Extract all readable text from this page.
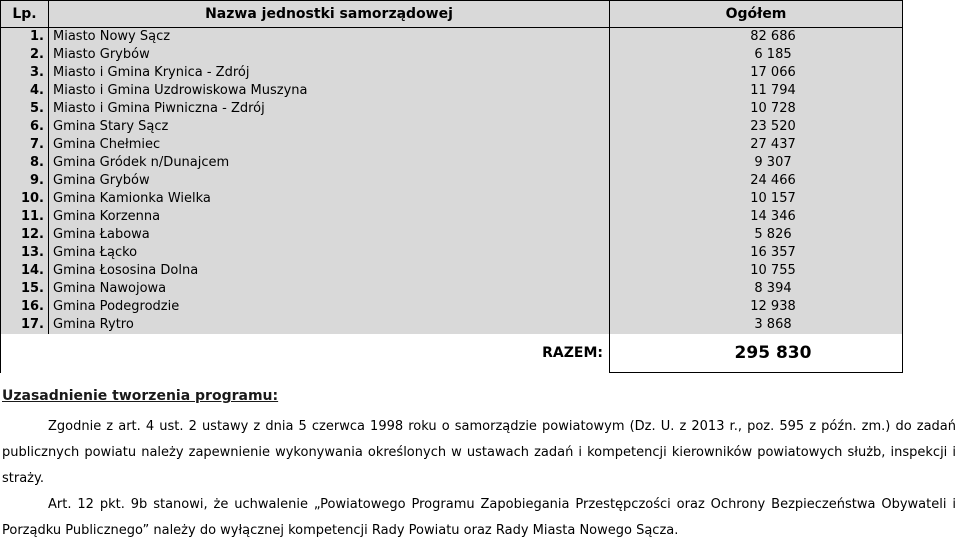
Lp.	Nazwa jednostki samorządowej	Ogółem
1.	Miasto Nowy Sącz	82 686
2.	Miasto Grybów	6 185
3.	Miasto i Gmina Krynica - Zdrój	17 066
4.	Miasto i Gmina Uzdrowiskowa Muszyna	11 794
5.	Miasto i Gmina Piwniczna - Zdrój	10 728
6.	Gmina Stary Sącz	23 520
7.	Gmina Chełmiec	27 437
8.	Gmina Gródek n/Dunajcem	9 307
9.	Gmina Grybów	24 466
10.	Gmina Kamionka Wielka	10 157
11.	Gmina Korzenna	14 346
12.	Gmina Łabowa	5 826
13.	Gmina Łącko	16 357
14.	Gmina Łososina Dolna	10 755
15.	Gmina Nawojowa	8 394
16.	Gmina Podegrodzie	12 938
17.	Gmina Rytro	3 868
	RAZEM:	295 830
Uzasadnienie tworzenia programu:
Zgodnie z art. 4 ust. 2 ustawy z dnia 5 czerwca 1998 roku o samorządzie powiatowym (Dz. U. z 2013 r., poz. 595 z późn. zm.) do zadań publicznych powiatu należy zapewnienie wykonywania określonych w ustawach zadań i kompetencji kierowników powiatowych służb, inspekcji i straży.
Art. 12 pkt. 9b stanowi, że uchwalenie „Powiatowego Programu Zapobiegania Przestępczości oraz Ochrony Bezpieczeństwa Obywateli i Porządku Publicznego” należy do wyłącznej kompetencji Rady Powiatu oraz Rady Miasta Nowego Sącza.
